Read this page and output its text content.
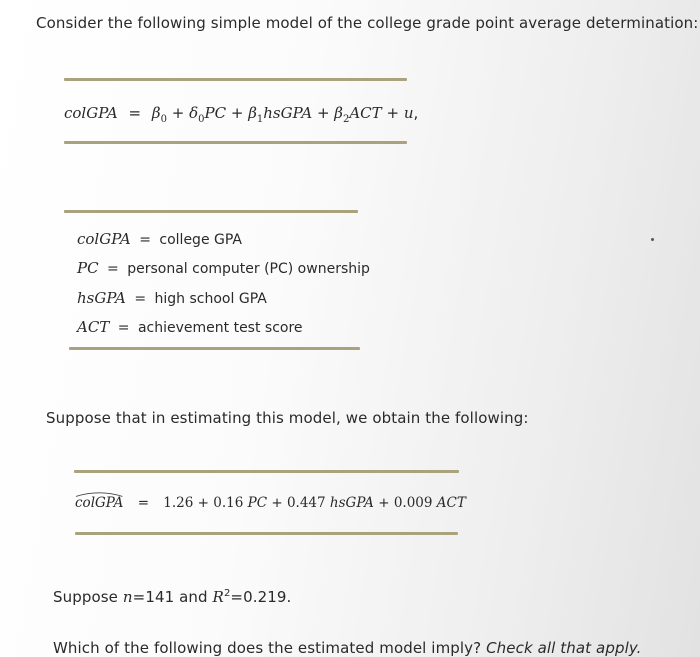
Consider the following simple model of the college grade point average determination:
colGPA = $\beta_0 + \delta_0PC$ + $\beta_1hsGPA + \beta_2ACT + u$,
colGPA = college GPA
PC = personal computer (PC) ownership
hsGPA = high school GPA
ACT = achievement test score
Suppose that in estimating this model, we obtain the following:
colGPA = 1.26 + 0.16 PC + 0.447 hsGPA + 0.009 ACT
Suppose n=141 and $R^2=0.219$.
Which of the following does the estimated model imply? Check all that apply.
